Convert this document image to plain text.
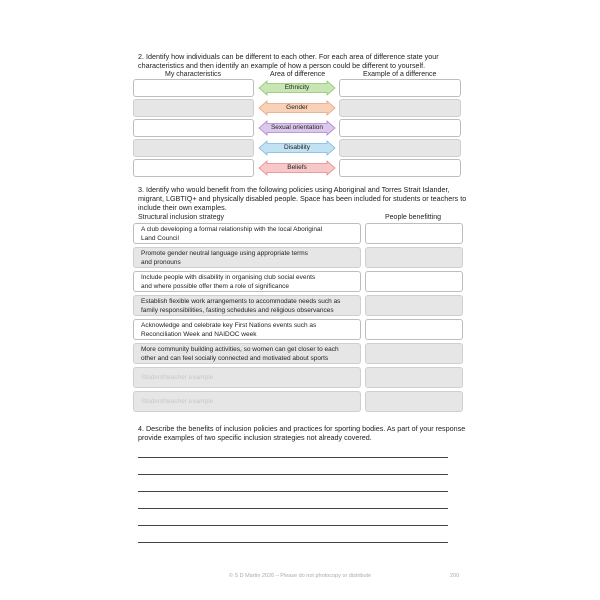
2. Identify how individuals can be different to each other. For each area of difference state your characteristics and then identify an example of how a person could be different to yourself.
My characteristics	Area of difference	Example of a difference
Ethnicity
Gender
Sexual orientation
Disability
Beliefs
3. Identify who would benefit from the following policies using Aboriginal and Torres Strait Islander, migrant, LGBTIQ+ and physically disabled people. Space has been included for students or teachers to include their own examples.
Structural inclusion strategy	People benefitting
A club developing a formal relationship with the local Aboriginal
Land Council
Promote gender neutral language using appropriate terms
and pronouns
Include people with disability in organising club social events
and where possible offer them a role of significance
Establish flexible work arrangements to accommodate needs such as
family responsibilities, fasting schedules and religious observances
Acknowledge and celebrate key First Nations events such as
Reconciliation Week and NAIDOC week
More community building activities, so women can get closer to each
other and can feel socially connected and motivated about sports
Student/teacher example
Student/teacher example
4. Describe the benefits of inclusion policies and practices for sporting bodies. As part of your response provide examples of two specific inclusion strategies not already covered.
© S D Martin 2026 – Please do not photocopy or distribute	200
